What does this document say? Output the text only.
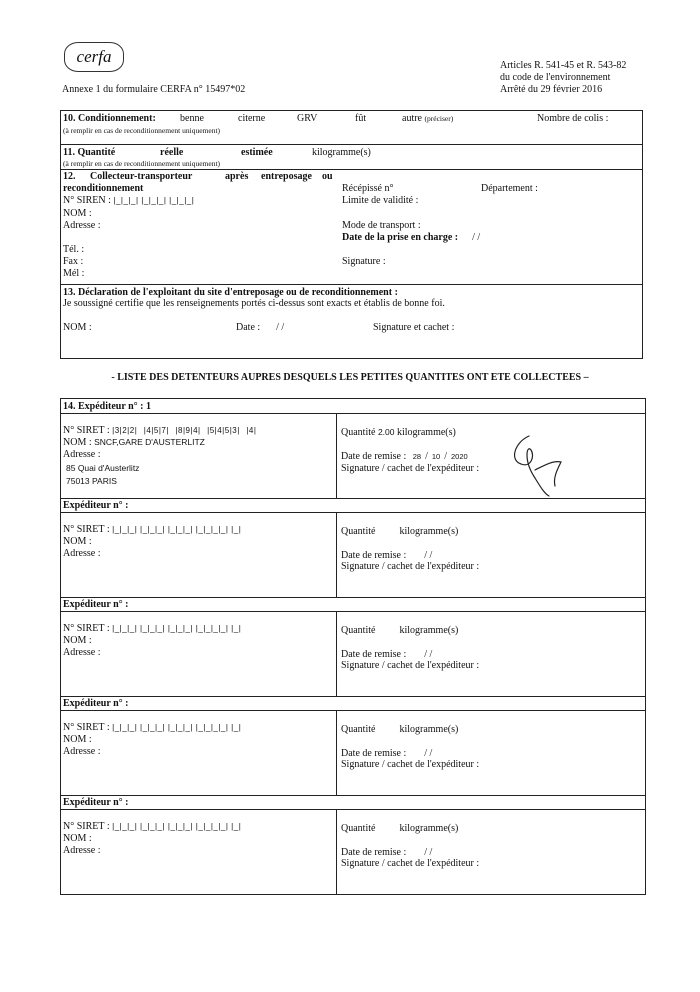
cerfa
Annexe 1 du formulaire CERFA n° 15497*02
Articles R. 541-45 et R. 543-82
du code de l'environnement
Arrêté du 29 février 2016
10. Conditionnement: benne	citerne	GRV	fût	autre (préciser)	Nombre de colis :
(à remplir en cas de reconditionnement uniquement)
11. Quantité	réelle	estimée	kilogramme(s)
(à remplir en cas de reconditionnement uniquement)
12. Collecteur-transporteur	après entreposage ou
reconditionnement
N° SIREN : |_|_|_| |_|_|_| |_|_|_|
NOM :
Adresse :
Tél. :
Fax :
Mél :
Récépissé n°	Département :
Limite de validité :
Mode de transport :
Date de la prise en charge : / /
Signature :
13. Déclaration de l'exploitant du site d'entreposage ou de reconditionnement :
Je soussigné certifie que les renseignements portés ci-dessus sont exacts et établis de bonne foi.
NOM :	Date : / /	Signature et cachet :
- LISTE DES DETENTEURS AUPRES DESQUELS LES PETITES QUANTITES ONT ETE COLLECTEES –
14. Expéditeur n° : 1
N° SIRET : |3|2|2| |4|5|7| |8|9|4| |5|4|5|3| |4|
NOM : SNCF,GARE D'AUSTERLITZ
Adresse :
85 Quai d'Austerlitz
75013 PARIS
Quantité 2.00 kilogramme(s)
Date de remise : 28 / 10 / 2020
Signature / cachet de l'expéditeur :
Expéditeur n° :
N° SIRET : |_|_|_| |_|_|_| |_|_|_| |_|_|_|_| |_|
NOM :
Adresse :
Quantité kilogramme(s)
Date de remise : / /
Signature / cachet de l'expéditeur :
Expéditeur n° :
N° SIRET : |_|_|_| |_|_|_| |_|_|_| |_|_|_|_| |_|
NOM :
Adresse :
Quantité kilogramme(s)
Date de remise : / /
Signature / cachet de l'expéditeur :
Expéditeur n° :
N° SIRET : |_|_|_| |_|_|_| |_|_|_| |_|_|_|_| |_|
NOM :
Adresse :
Quantité kilogramme(s)
Date de remise : / /
Signature / cachet de l'expéditeur :
Expéditeur n° :
N° SIRET : |_|_|_| |_|_|_| |_|_|_| |_|_|_|_| |_|
NOM :
Adresse :
Quantité kilogramme(s)
Date de remise : / /
Signature / cachet de l'expéditeur :
